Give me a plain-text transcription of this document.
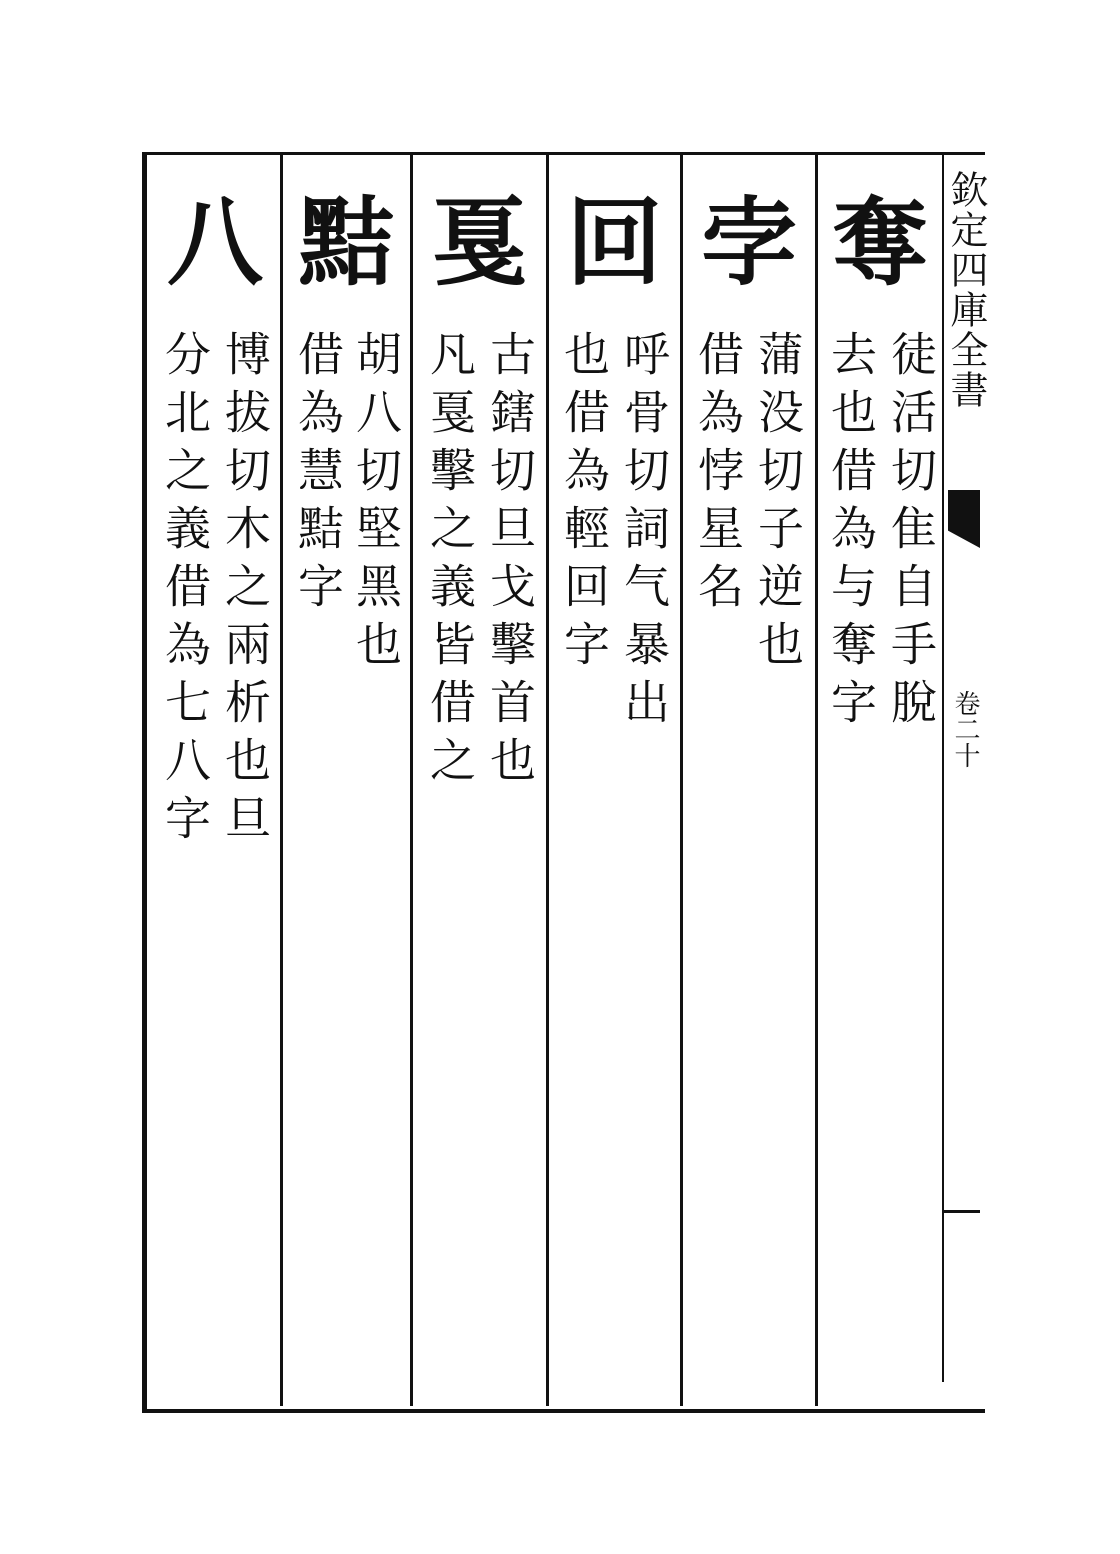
欽定四庫全書
卷二十
奪
徒活切隹自手脫
去也借為与奪字
孛
蒲没切子逆也
借為悖星名
回
呼骨切詞气暴出
也借為輕回字
戛
古鎋切旦戈擊首也
凡戛擊之義皆借之
黠
胡八切堅黑也
借為慧黠字
八
博拔切木之兩析也旦
分北之義借為七八字
